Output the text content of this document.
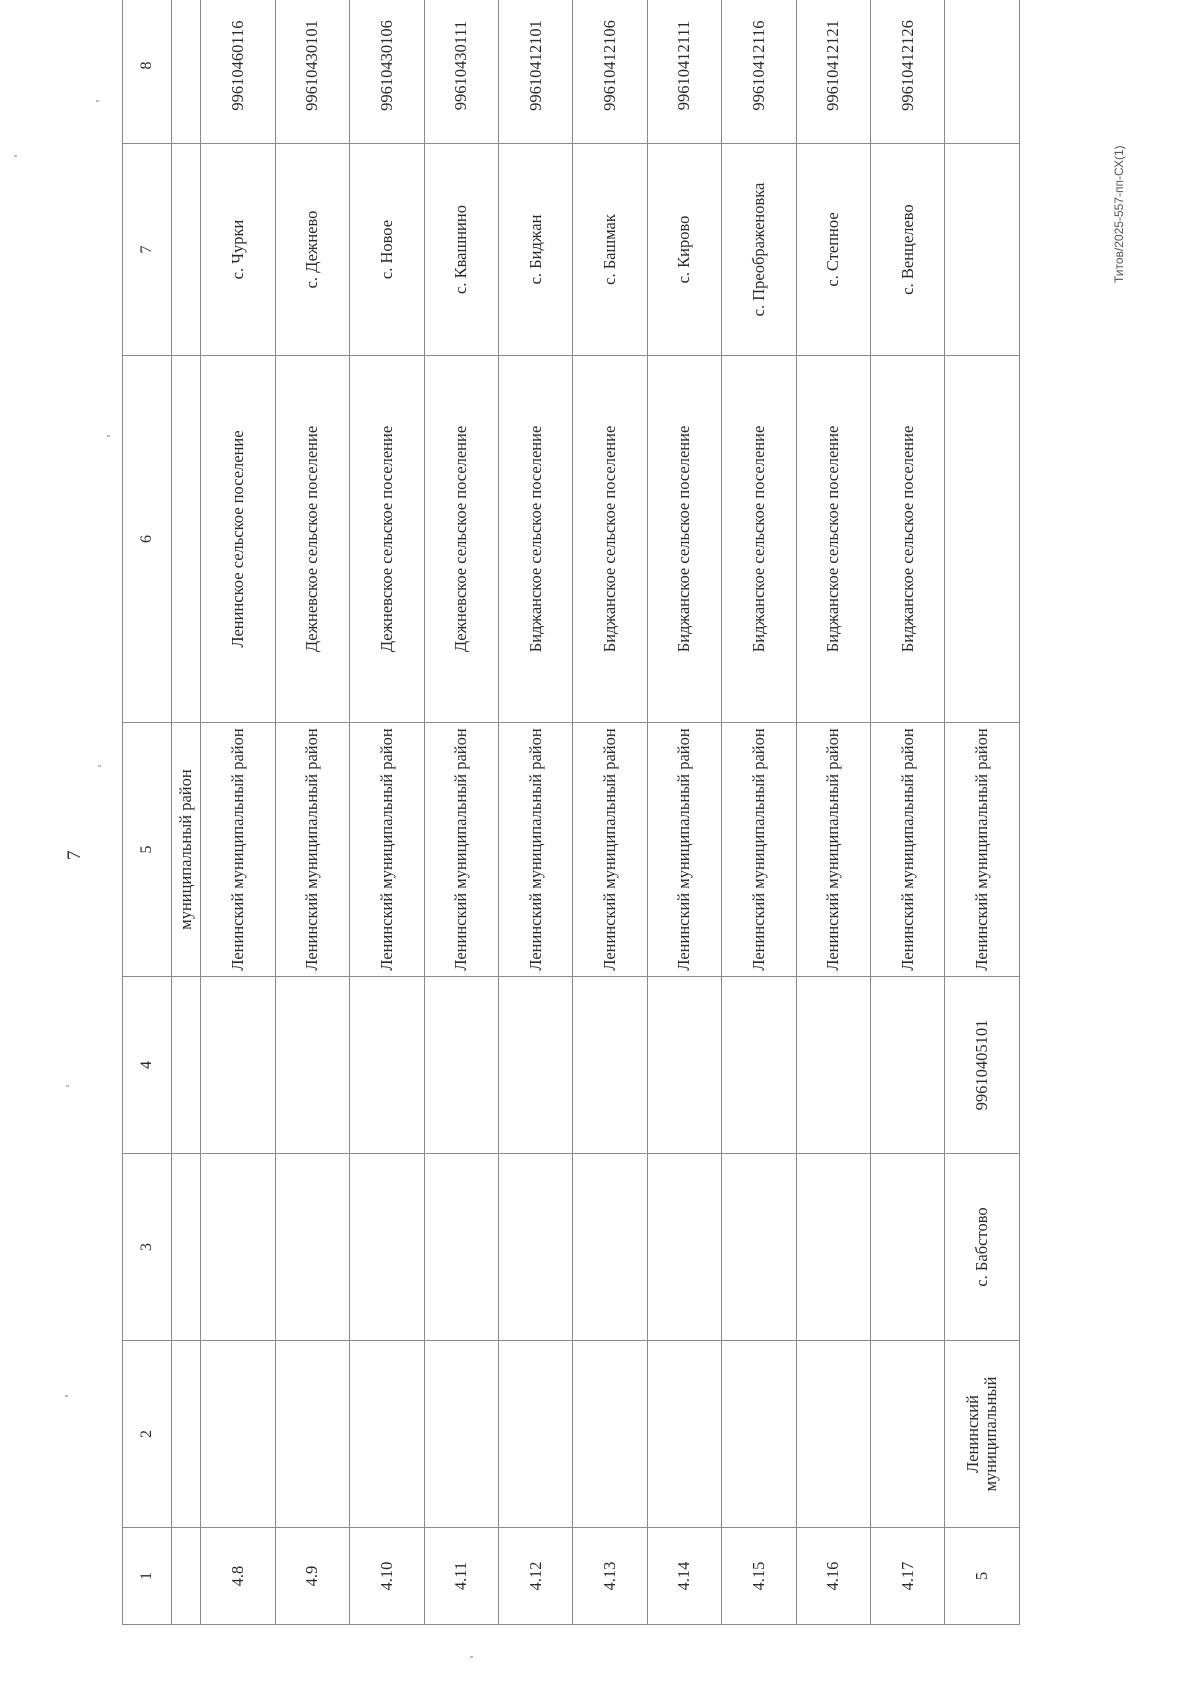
7
Титов/2025-557-пп-СХ(1)
1	2	3	4	5	6	7	8
				муниципальный район			
4.8				Ленинский муниципальный район	Ленинское сельское поселение	с. Чурки	99610460116
4.9				Ленинский муниципальный район	Дежневское сельское поселение	с. Дежнево	99610430101
4.10				Ленинский муниципальный район	Дежневское сельское поселение	с. Новое	99610430106
4.11				Ленинский муниципальный район	Дежневское сельское поселение	с. Квашнино	99610430111
4.12				Ленинский муниципальный район	Биджанское сельское поселение	с. Биджан	99610412101
4.13				Ленинский муниципальный район	Биджанское сельское поселение	с. Башмак	99610412106
4.14				Ленинский муниципальный район	Биджанское сельское поселение	с. Кирово	99610412111
4.15				Ленинский муниципальный район	Биджанское сельское поселение	с. Преображеновка	99610412116
4.16				Ленинский муниципальный район	Биджанское сельское поселение	с. Степное	99610412121
4.17				Ленинский муниципальный район	Биджанское сельское поселение	с. Венцелево	99610412126
5	Ленинский муниципальный	с. Бабстово	99610405101	Ленинский муниципальный район			
